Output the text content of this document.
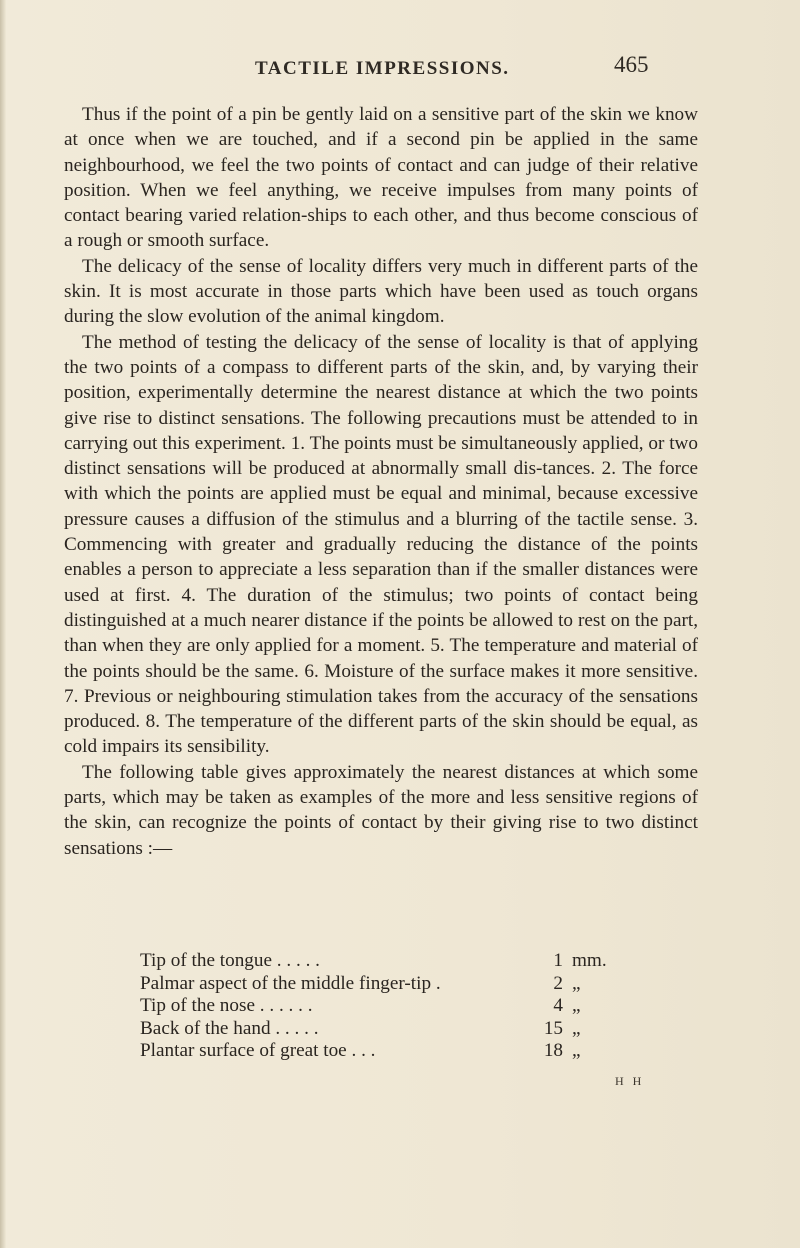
TACTILE IMPRESSIONS.	465

Thus if the point of a pin be gently laid on a sensitive part of the skin we know at once when we are touched, and if a second pin be applied in the same neighbourhood, we feel the two points of contact and can judge of their relative position. When we feel anything, we receive impulses from many points of contact bearing varied relation-ships to each other, and thus become conscious of a rough or smooth surface.

The delicacy of the sense of locality differs very much in different parts of the skin. It is most accurate in those parts which have been used as touch organs during the slow evolution of the animal kingdom.

The method of testing the delicacy of the sense of locality is that of applying the two points of a compass to different parts of the skin, and, by varying their position, experimentally determine the nearest distance at which the two points give rise to distinct sensations. The following precautions must be attended to in carrying out this experiment. 1. The points must be simultaneously applied, or two distinct sensations will be produced at abnormally small dis-tances. 2. The force with which the points are applied must be equal and minimal, because excessive pressure causes a diffusion of the stimulus and a blurring of the tactile sense. 3. Commencing with greater and gradually reducing the distance of the points enables a person to appreciate a less separation than if the smaller distances were used at first. 4. The duration of the stimulus; two points of contact being distinguished at a much nearer distance if the points be allowed to rest on the part, than when they are only applied for a moment. 5. The temperature and material of the points should be the same. 6. Moisture of the surface makes it more sensitive. 7. Previous or neighbouring stimulation takes from the accuracy of the sensations produced. 8. The temperature of the different parts of the skin should be equal, as cold impairs its sensibility.

The following table gives approximately the nearest distances at which some parts, which may be taken as examples of the more and less sensitive regions of the skin, can recognize the points of contact by their giving rise to two distinct sensations :—

Tip of the tongue . . . . .	1 mm.
Palmar aspect of the middle finger-tip .	2 „
Tip of the nose . . . . . .	4 „
Back of the hand . . . . .	15 „
Plantar surface of great toe . . .	18 „
H H
